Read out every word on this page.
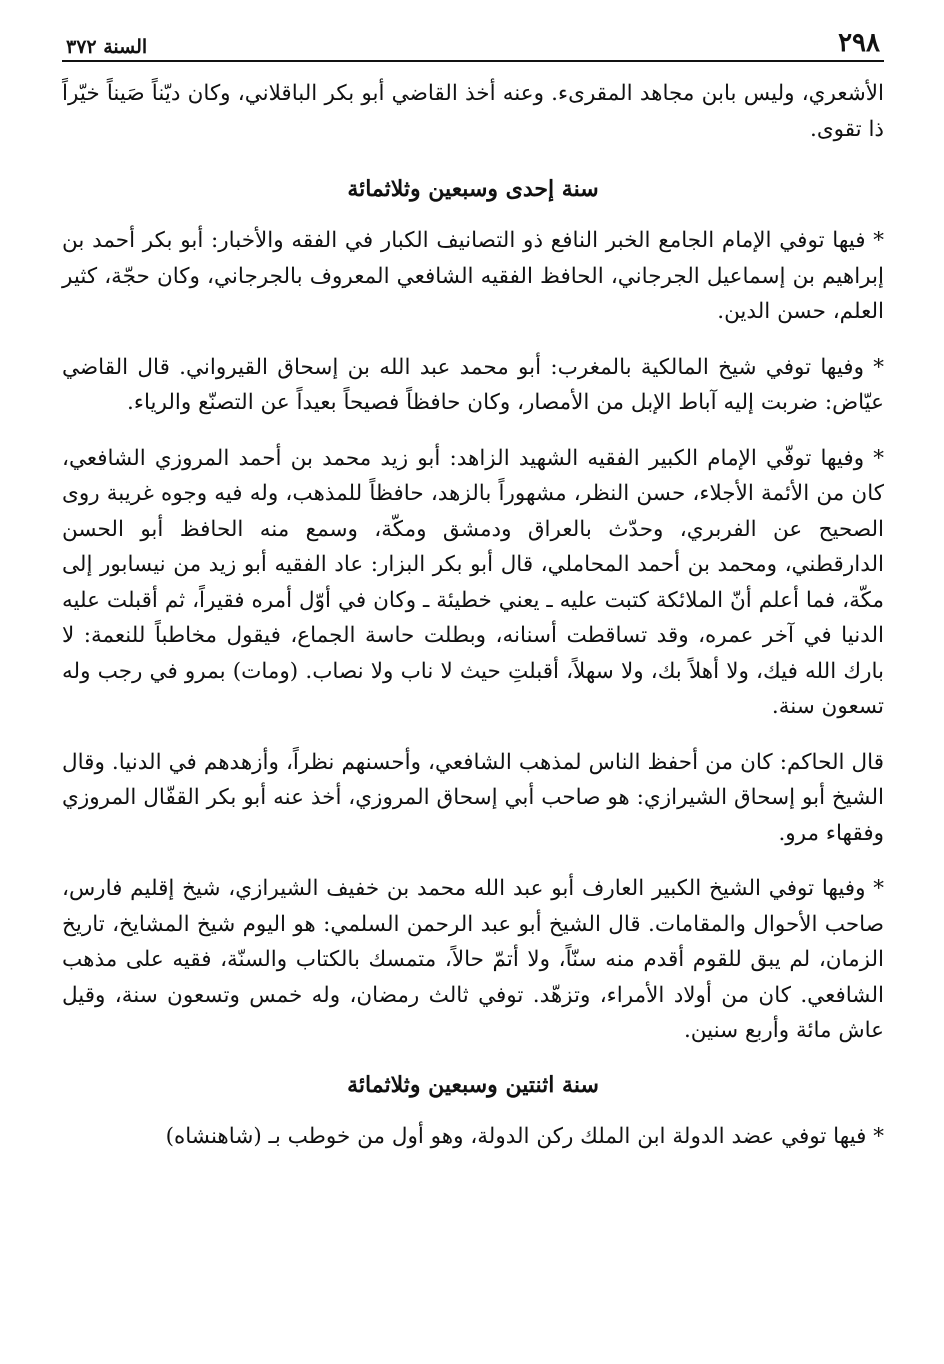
٢٩٨
السنة ٣٧٢

الأشعري، وليس بابن مجاهد المقرىء. وعنه أخذ القاضي أبو بكر الباقلاني، وكان ديّناً صَيناً خيّراً ذا تقوى.

سنة إحدى وسبعين وثلاثمائة

* فيها توفي الإمام الجامع الخبر النافع ذو التصانيف الكبار في الفقه والأخبار: أبو بكر أحمد بن إبراهيم بن إسماعيل الجرجاني، الحافظ الفقيه الشافعي المعروف بالجرجاني، وكان حجّة، كثير العلم، حسن الدين.

* وفيها توفي شيخ المالكية بالمغرب: أبو محمد عبد الله بن إسحاق القيرواني. قال القاضي عيّاض: ضربت إليه آباط الإبل من الأمصار، وكان حافظاً فصيحاً بعيداً عن التصنّع والرياء.

* وفيها توفّي الإمام الكبير الفقيه الشهيد الزاهد: أبو زيد محمد بن أحمد المروزي الشافعي، كان من الأئمة الأجلاء، حسن النظر، مشهوراً بالزهد، حافظاً للمذهب، وله فيه وجوه غريبة روى الصحيح عن الفربري، وحدّث بالعراق ودمشق ومكّة، وسمع منه الحافظ أبو الحسن الدارقطني، ومحمد بن أحمد المحاملي، قال أبو بكر البزار: عاد الفقيه أبو زيد من نيسابور إلى مكّة، فما أعلم أنّ الملائكة كتبت عليه ـ يعني خطيئة ـ وكان في أوّل أمره فقيراً، ثم أقبلت عليه الدنيا في آخر عمره، وقد تساقطت أسنانه، وبطلت حاسة الجماع، فيقول مخاطباً للنعمة: لا بارك الله فيك، ولا أهلاً بك، ولا سهلاً، أقبلتِ حيث لا ناب ولا نصاب. (ومات) بمرو في رجب وله تسعون سنة.

قال الحاكم: كان من أحفظ الناس لمذهب الشافعي، وأحسنهم نظراً، وأزهدهم في الدنيا. وقال الشيخ أبو إسحاق الشيرازي: هو صاحب أبي إسحاق المروزي، أخذ عنه أبو بكر القفّال المروزي وفقهاء مرو.

* وفيها توفي الشيخ الكبير العارف أبو عبد الله محمد بن خفيف الشيرازي، شيخ إقليم فارس، صاحب الأحوال والمقامات. قال الشيخ أبو عبد الرحمن السلمي: هو اليوم شيخ المشايخ، تاريخ الزمان، لم يبق للقوم أقدم منه سنّاً، ولا أتمّ حالاً، متمسك بالكتاب والسنّة، فقيه على مذهب الشافعي. كان من أولاد الأمراء، وتزهّد. توفي ثالث رمضان، وله خمس وتسعون سنة، وقيل عاش مائة وأربع سنين.

سنة اثنتين وسبعين وثلاثمائة

* فيها توفي عضد الدولة ابن الملك ركن الدولة، وهو أول من خوطب بـ (شاهنشاه)
